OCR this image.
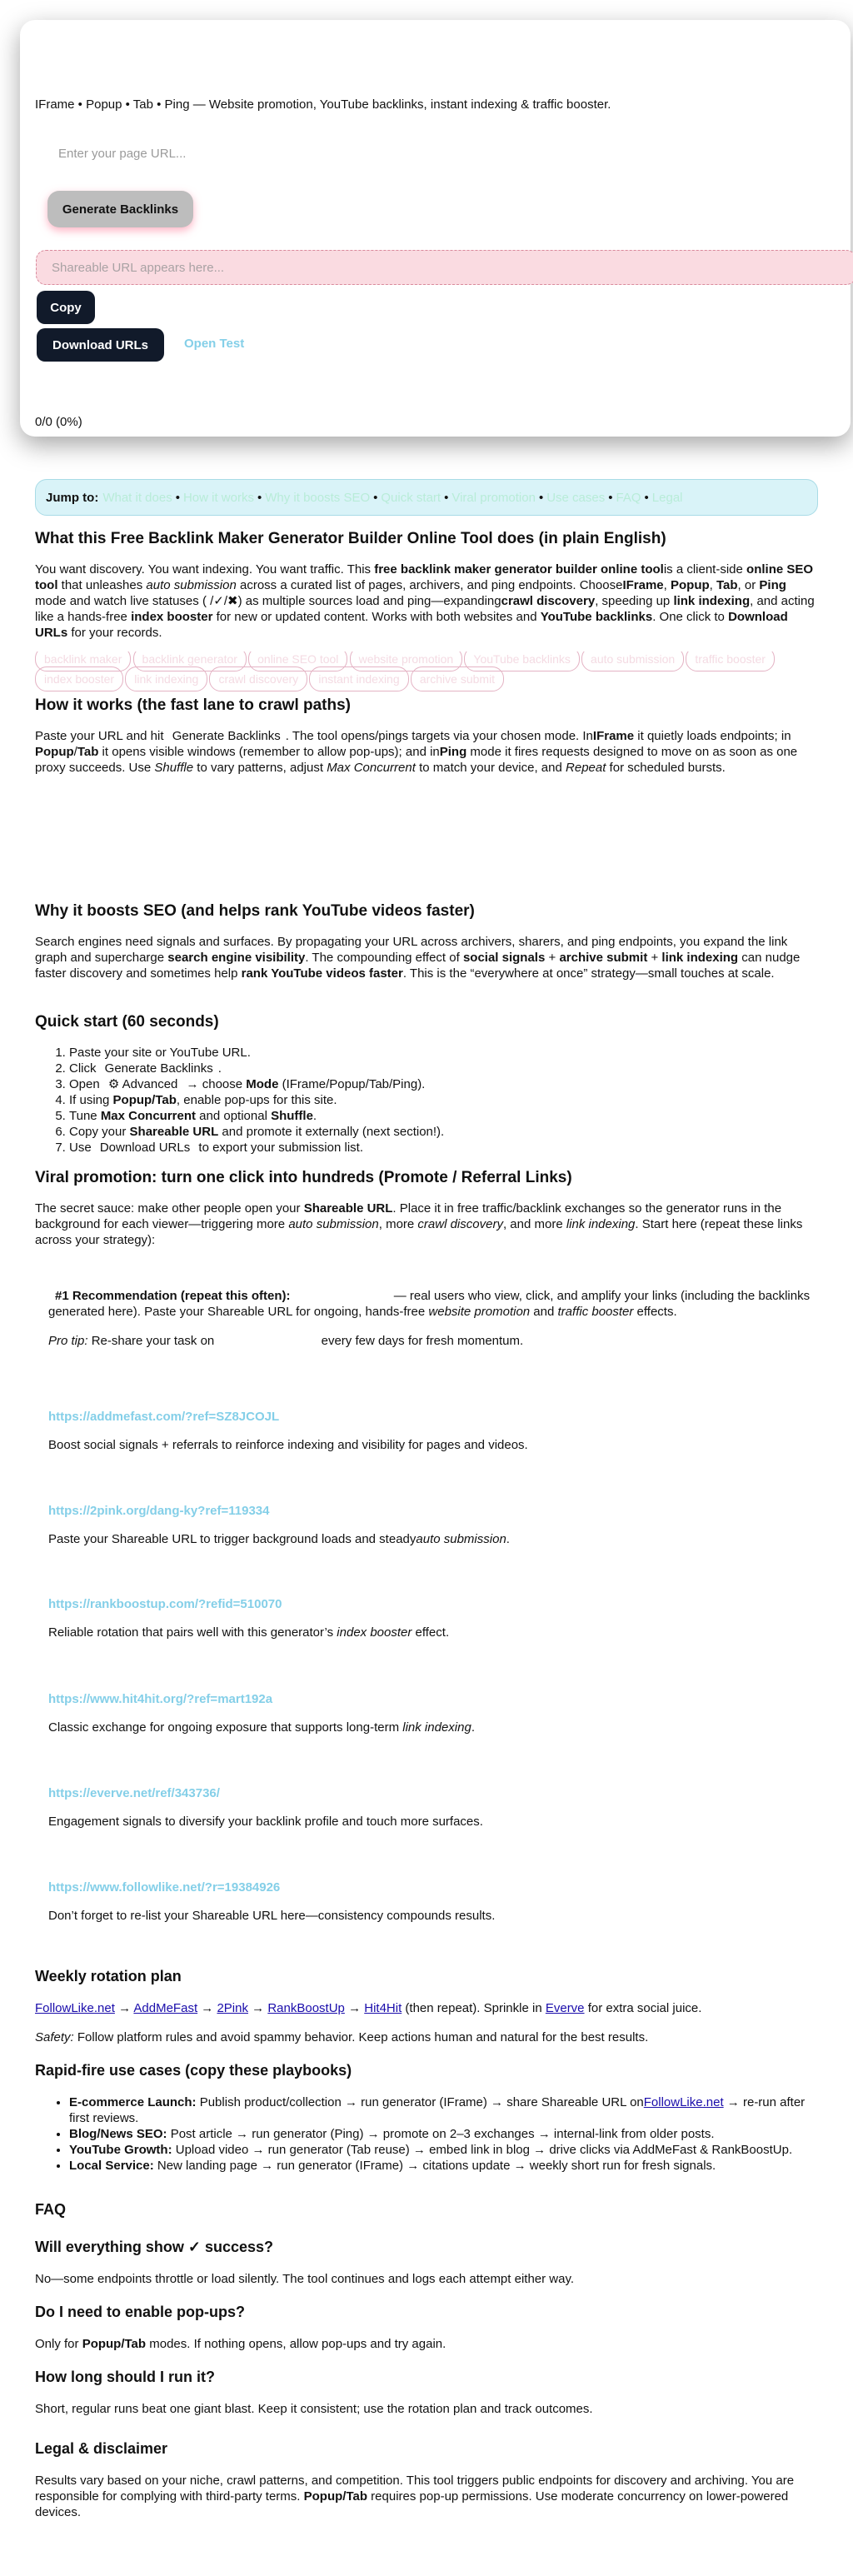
IFrame • Popup • Tab • Ping — Website promotion, YouTube backlinks, instant indexing & traffic booster.
Enter your page URL...
Generate Backlinks
Shareable URL appears here...
Copy
Download URLs	Open Test
0/0 (0%)
Jump to: What it does • How it works • Why it boosts SEO • Quick start • Viral promotion • Use cases • FAQ • Legal
What this Free Backlink Maker Generator Builder Online Tool does (in plain English)

You want discovery. You want indexing. You want traffic. This free backlink maker generator builder online toolis a client-side online SEO tool that unleashes auto submission across a curated list of pages, archivers, and ping endpoints. ChooseIFrame, Popup, Tab, or Ping mode and watch live statuses ( /✓/✖) as multiple sources load and ping—expandingcrawl discovery, speeding up link indexing, and acting like a hands-free index booster for new or updated content. Works with both websites and YouTube backlinks. One click to Download URLs for your records.

backlink maker backlink generator online SEO tool website promotion YouTube backlinks auto submission traffic booster index booster link indexing crawl discovery instant indexing archive submit
How it works (the fast lane to crawl paths)

Paste your URL and hit Generate Backlinks . The tool opens/pings targets via your chosen mode. InIFrame it quietly loads endpoints; in Popup/Tab it opens visible windows (remember to allow pop-ups); and inPing mode it fires requests designed to move on as soon as one proxy succeeds. Use Shuffle to vary patterns, adjust Max Concurrent to match your device, and Repeat for scheduled bursts.

Why it boosts SEO (and helps rank YouTube videos faster)

Search engines need signals and surfaces. By propagating your URL across archivers, sharers, and ping endpoints, you expand the link graph and supercharge search engine visibility. The compounding effect of social signals + archive submit + link indexing can nudge faster discovery and sometimes help rank YouTube videos faster. This is the “everywhere at once” strategy—small touches at scale.

Quick start (60 seconds)
1. Paste your site or YouTube URL.
2. Click Generate Backlinks .
3. Open ⚙ Advanced → choose Mode (IFrame/Popup/Tab/Ping).
4. If using Popup/Tab, enable pop-ups for this site.
5. Tune Max Concurrent and optional Shuffle.
6. Copy your Shareable URL and promote it externally (next section!).
7. Use Download URLs to export your submission list.
Viral promotion: turn one click into hundreds (Promote / Referral Links)

The secret sauce: make other people open your Shareable URL. Place it in free traffic/backlink exchanges so the generator runs in the background for each viewer—triggering more auto submission, more crawl discovery, and more link indexing. Start here (repeat these links across your strategy):

#1 Recommendation (repeat this often):	— real users who view, click, and amplify your links (including the backlinks generated here). Paste your Shareable URL for ongoing, hands-free website promotion and traffic booster effects.

Pro tip: Re-share your task on	every few days for fresh momentum.

https://addmefast.com/?ref=SZ8JCOJL

Boost social signals + referrals to reinforce indexing and visibility for pages and videos.

https://2pink.org/dang-ky?ref=119334

Paste your Shareable URL to trigger background loads and steadyauto submission.

https://rankboostup.com/?refid=510070

Reliable rotation that pairs well with this generator’s index booster effect.

https://www.hit4hit.org/?ref=mart192a

Classic exchange for ongoing exposure that supports long-term link indexing.

https://everve.net/ref/343736/

Engagement signals to diversify your backlink profile and touch more surfaces.

https://www.followlike.net/?r=19384926

Don’t forget to re-list your Shareable URL here—consistency compounds results.

Weekly rotation plan

FollowLike.net → AddMeFast → 2Pink → RankBoostUp → Hit4Hit (then repeat). Sprinkle in Everve for extra social juice.

Safety: Follow platform rules and avoid spammy behavior. Keep actions human and natural for the best results.

Rapid-fire use cases (copy these playbooks)
• E-commerce Launch: Publish product/collection → run generator (IFrame) → share Shareable URL onFollowLike.net → re-run after first reviews.
• Blog/News SEO: Post article → run generator (Ping) → promote on 2–3 exchanges → internal-link from older posts.
• YouTube Growth: Upload video → run generator (Tab reuse) → embed link in blog → drive clicks via AddMeFast & RankBoostUp.
• Local Service: New landing page → run generator (IFrame) → citations update → weekly short run for fresh signals.
FAQ
Will everything show ✓ success?

No—some endpoints throttle or load silently. The tool continues and logs each attempt either way.

Do I need to enable pop-ups?

Only for Popup/Tab modes. If nothing opens, allow pop-ups and try again.

How long should I run it?

Short, regular runs beat one giant blast. Keep it consistent; use the rotation plan and track outcomes.

Legal & disclaimer

Results vary based on your niche, crawl patterns, and competition. This tool triggers public endpoints for discovery and archiving. You are responsible for complying with third-party terms. Popup/Tab requires pop-up permissions. Use moderate concurrency on lower-powered devices.
